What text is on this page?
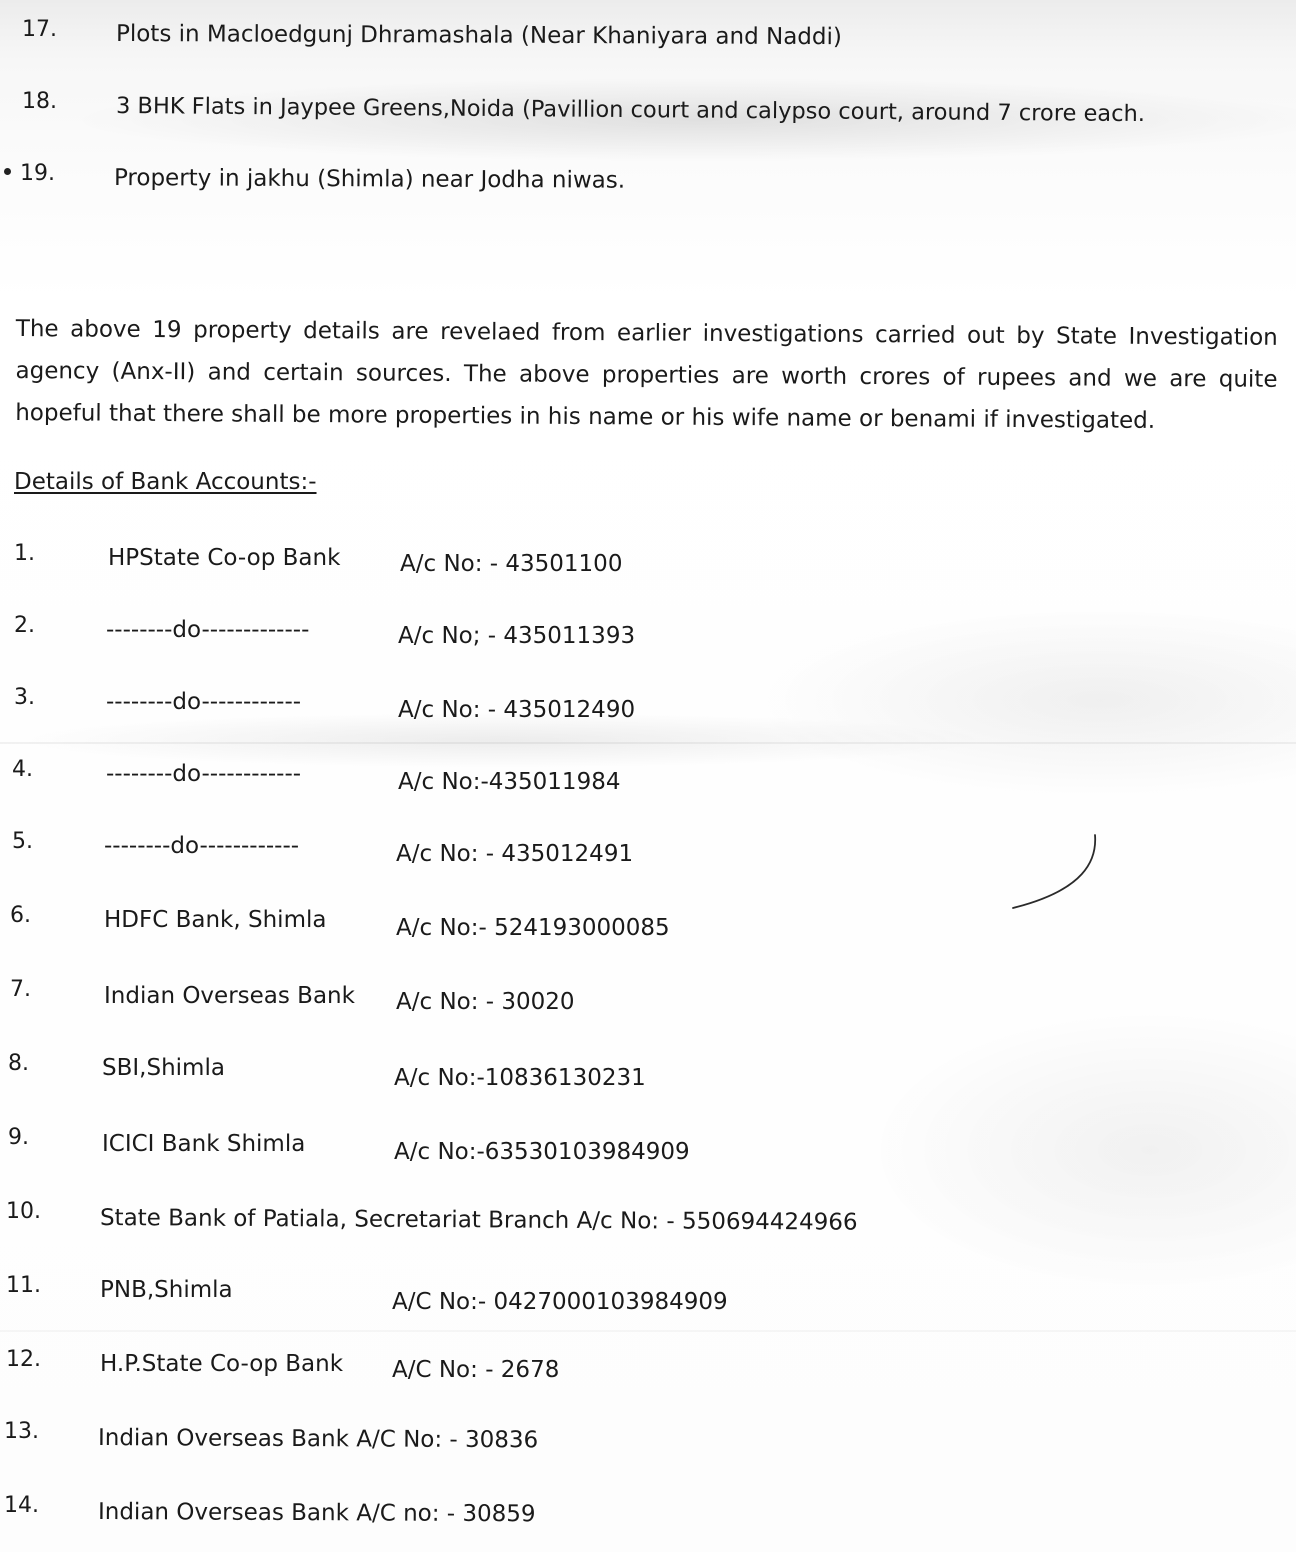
17.	Plots in Macloedgunj Dhramashala (Near Khaniyara and Naddi)
18.	3 BHK Flats in Jaypee Greens,Noida (Pavillion court and calypso court, around 7 crore each.
19.	Property in jakhu (Shimla) near Jodha niwas.
The above 19 property details are revelaed from earlier investigations carried out by State Investigation agency (Anx-II) and certain sources. The above properties are worth crores of rupees and we are quite hopeful that there shall be more properties in his name or his wife name or benami if investigated.
Details of Bank Accounts:-
1.	HPState Co-op Bank	A/c No: - 43501100
2.	--------do-------------	A/c No; - 435011393
3.	--------do------------	A/c No: - 435012490
4.	--------do------------	A/c No:-435011984
5.	--------do------------	A/c No: - 435012491
6.	HDFC Bank, Shimla	A/c No:- 524193000085
7.	Indian Overseas Bank A/c No: - 30020
8.	SBI,Shimla	A/c No:-10836130231
9.	ICICI Bank Shimla	A/c No:-63530103984909
10.	State Bank of Patiala, Secretariat Branch A/c No: - 550694424966
11.	PNB,Shimla	A/C No:- 0427000103984909
12.	H.P.State Co-op Bank A/C No: - 2678
13.	Indian Overseas Bank A/C No: - 30836
14.	Indian Overseas Bank A/C no: - 30859
